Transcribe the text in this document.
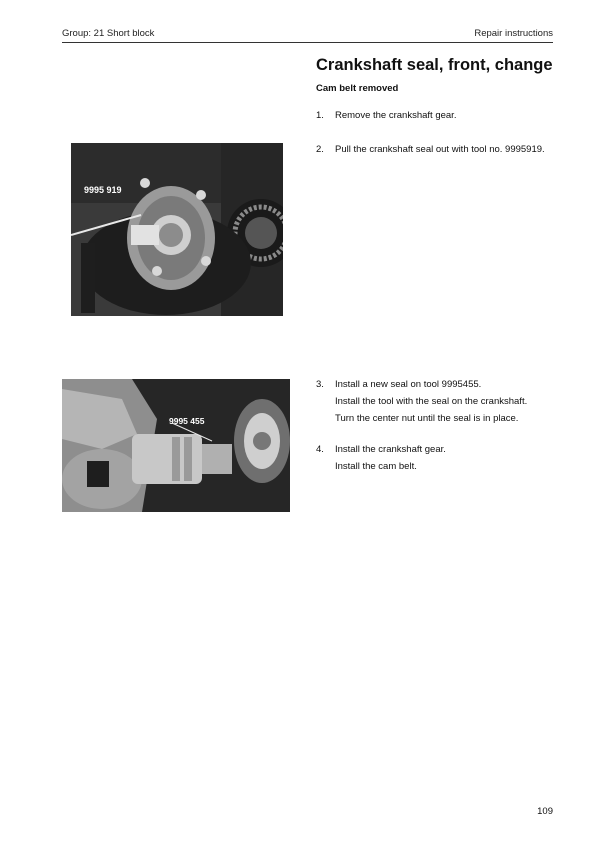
Group: 21 Short block	Repair instructions
Crankshaft seal, front, change
Cam belt removed
1.	Remove the crankshaft gear.
2.	Pull the crankshaft seal out with tool no. 9995919.
9995 919
3.	Install a new seal on tool 9995455.
Install the tool with the seal on the crankshaft.
Turn the center nut until the seal is in place.
4.	Install the crankshaft gear.
Install the cam belt.
9995 455
109
